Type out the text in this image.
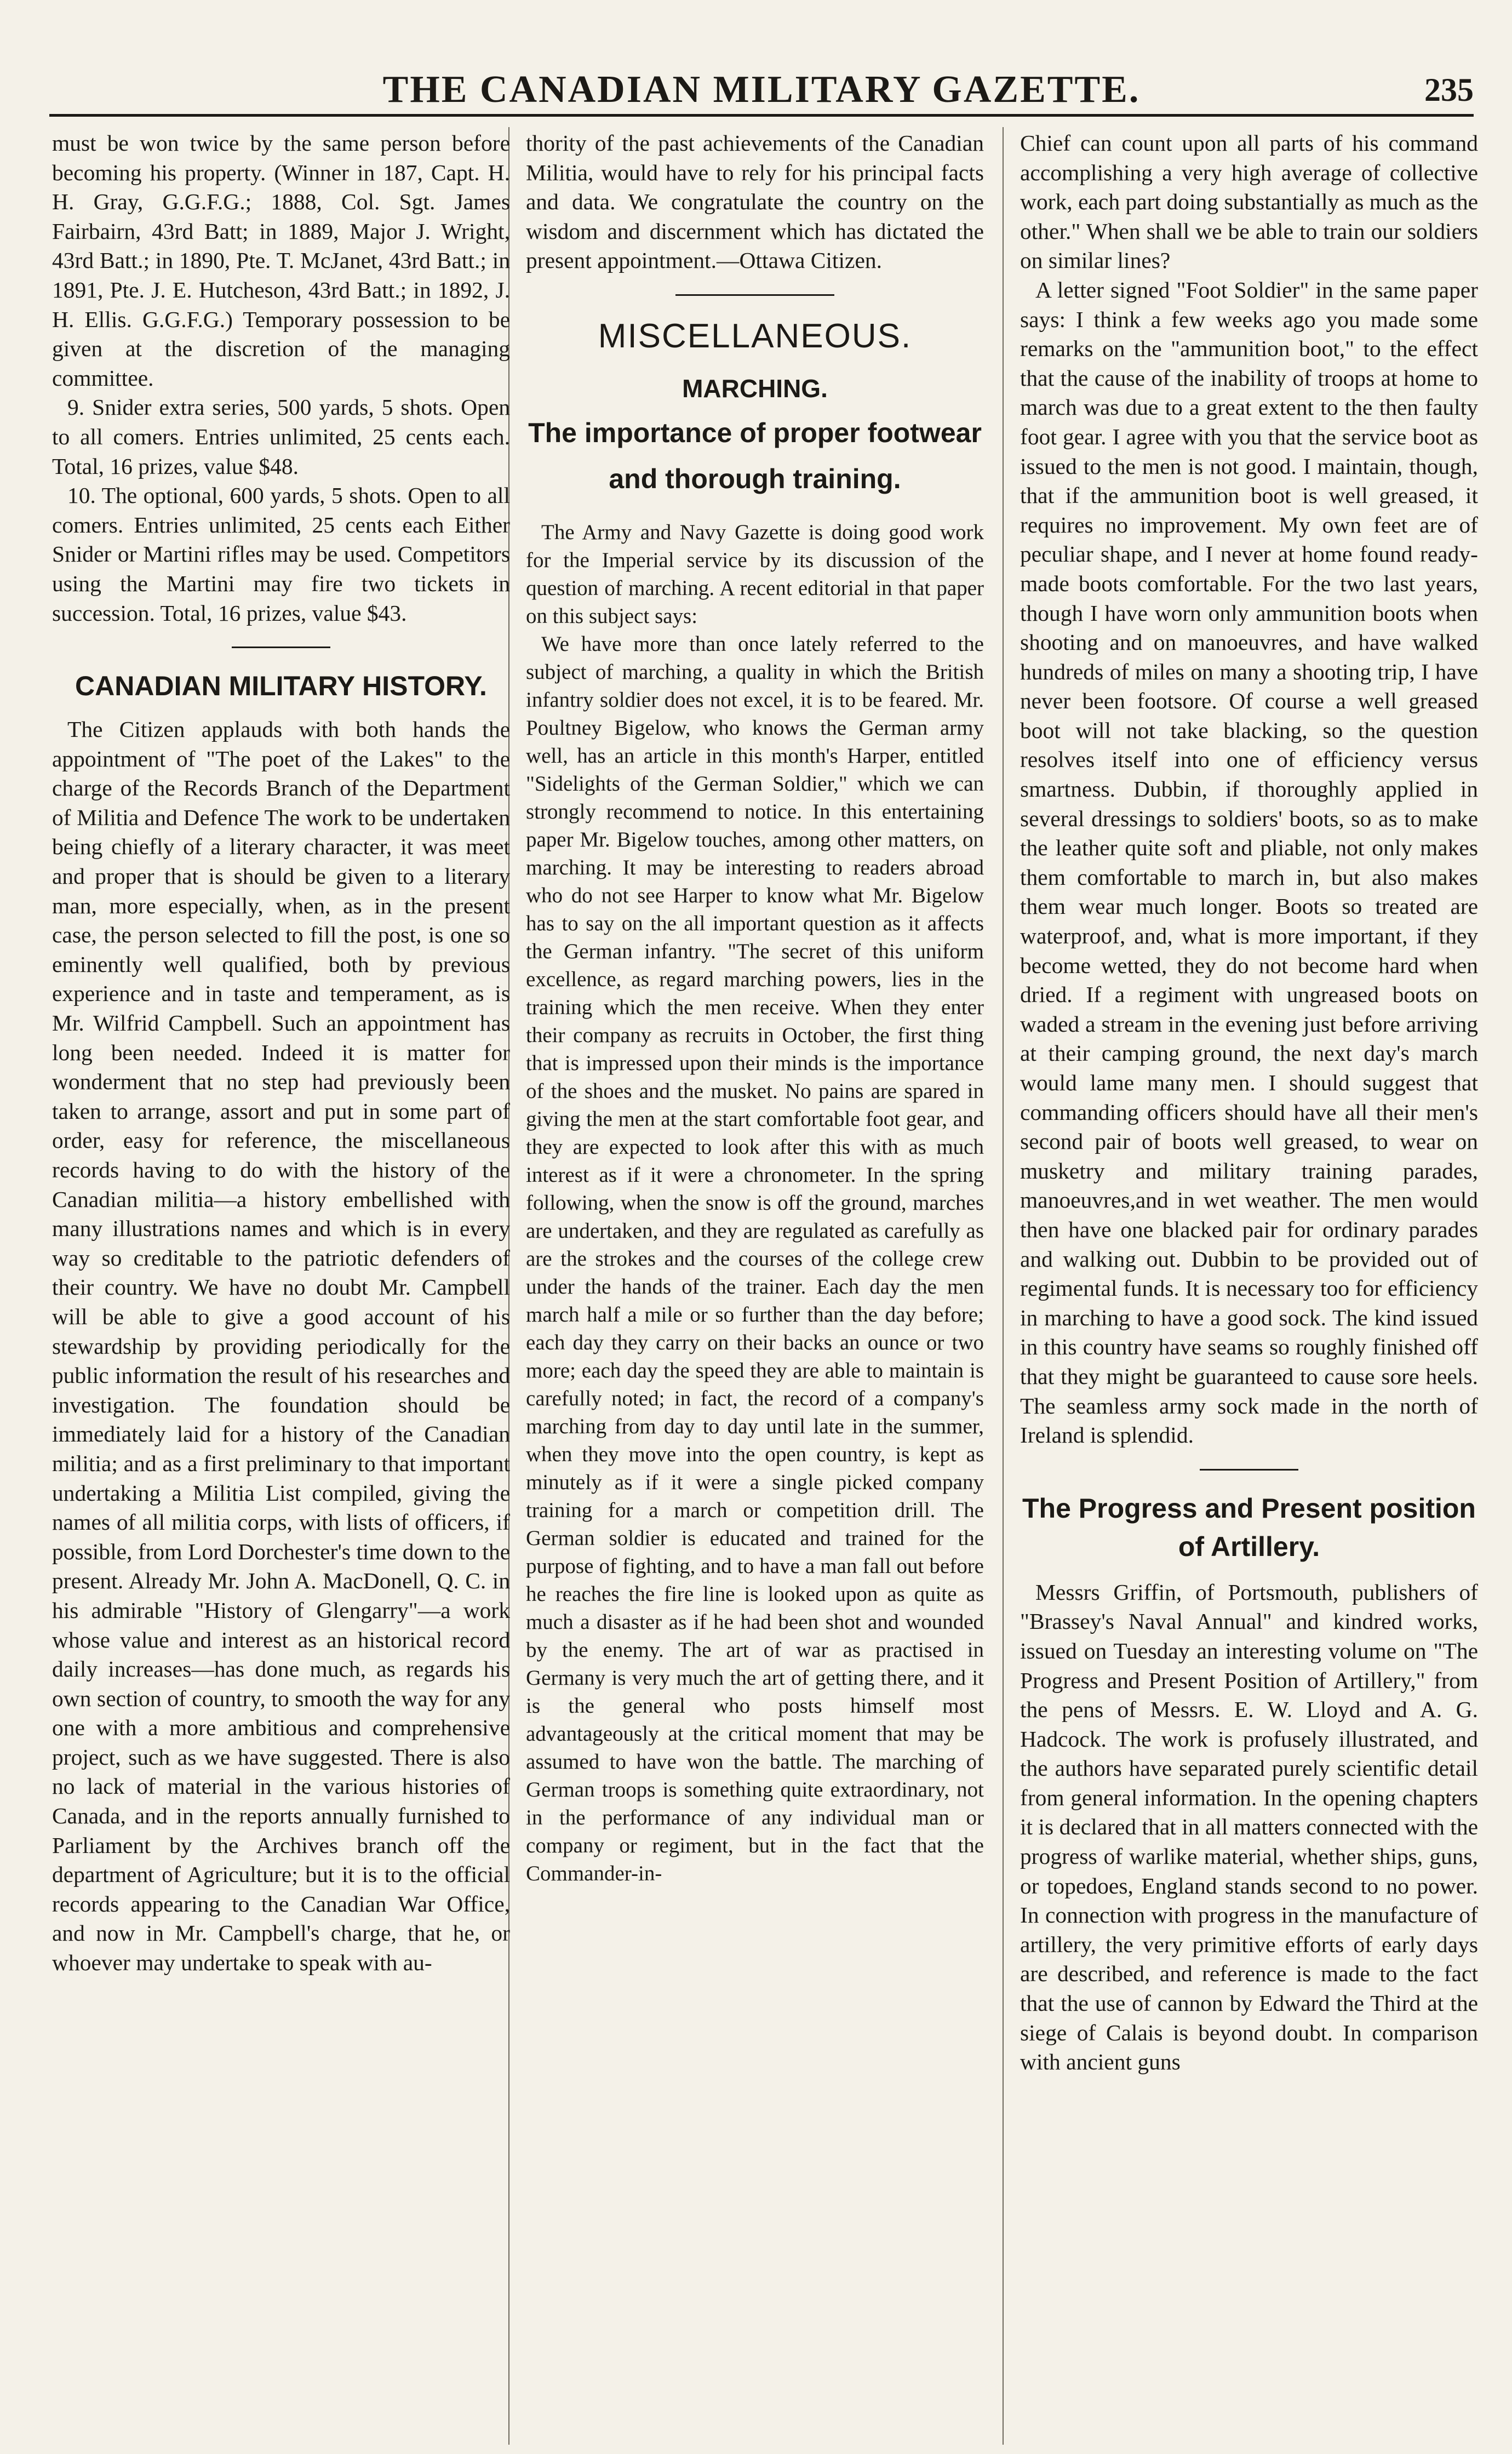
THE CANADIAN MILITARY GAZETTE.	235

must be won twice by the same person before becoming his property. (Winner in 187, Capt. H. H. Gray, G.G.F.G.; 1888, Col. Sgt. James Fairbairn, 43rd Batt; in 1889, Major J. Wright, 43rd Batt.; in 1890, Pte. T. McJanet, 43rd Batt.; in 1891, Pte. J. E. Hutcheson, 43rd Batt.; in 1892, J. H. Ellis. G.G.F.G.) Temporary possession to be given at the discretion of the managing committee.

9. Snider extra series, 500 yards, 5 shots. Open to all comers. Entries unlimited, 25 cents each. Total, 16 prizes, value $48.

10. The optional, 600 yards, 5 shots. Open to all comers. Entries unlimited, 25 cents each Either Snider or Martini rifles may be used. Competitors using the Martini may fire two tickets in succession. Total, 16 prizes, value $43.

CANADIAN MILITARY HISTORY.

The Citizen applauds with both hands the appointment of "The poet of the Lakes" to the charge of the Records Branch of the Department of Militia and Defence The work to be undertaken being chiefly of a literary character, it was meet and proper that is should be given to a literary man, more especially, when, as in the present case, the person selected to fill the post, is one so eminently well qualified, both by previous experience and in taste and temperament, as is Mr. Wilfrid Campbell. Such an appointment has long been needed. Indeed it is matter for wonderment that no step had previously been taken to arrange, assort and put in some part of order, easy for reference, the miscellaneous records having to do with the history of the Canadian militia—a history embellished with many illustrations names and which is in every way so creditable to the patriotic defenders of their country. We have no doubt Mr. Campbell will be able to give a good account of his stewardship by providing periodically for the public information the result of his researches and investigation. The foundation should be immediately laid for a history of the Canadian militia; and as a first preliminary to that important undertaking a Militia List compiled, giving the names of all militia corps, with lists of officers, if possible, from Lord Dorchester's time down to the present. Already Mr. John A. MacDonell, Q. C. in his admirable "History of Glengarry"—a work whose value and interest as an historical record daily increases—has done much, as regards his own section of country, to smooth the way for any one with a more ambitious and comprehensive project, such as we have suggested. There is also no lack of material in the various histories of Canada, and in the reports annually furnished to Parliament by the Archives branch off the department of Agriculture; but it is to the official records appearing to the Canadian War Office, and now in Mr. Campbell's charge, that he, or whoever may undertake to speak with au-

thority of the past achievements of the Canadian Militia, would have to rely for his principal facts and data. We congratulate the country on the wisdom and discernment which has dictated the present appointment.—Ottawa Citizen.

MISCELLANEOUS.
MARCHING.
The importance of proper footwear and thorough training.

The Army and Navy Gazette is doing good work for the Imperial service by its discussion of the question of marching. A recent editorial in that paper on this subject says:

We have more than once lately referred to the subject of marching, a quality in which the British infantry soldier does not excel, it is to be feared. Mr. Poultney Bigelow, who knows the German army well, has an article in this month's Harper, entitled "Sidelights of the German Soldier," which we can strongly recommend to notice. In this entertaining paper Mr. Bigelow touches, among other matters, on marching. It may be interesting to readers abroad who do not see Harper to know what Mr. Bigelow has to say on the all important question as it affects the German infantry. "The secret of this uniform excellence, as regard marching powers, lies in the training which the men receive. When they enter their company as recruits in October, the first thing that is impressed upon their minds is the importance of the shoes and the musket. No pains are spared in giving the men at the start comfortable foot gear, and they are expected to look after this with as much interest as if it were a chronometer. In the spring following, when the snow is off the ground, marches are undertaken, and they are regulated as carefully as are the strokes and the courses of the college crew under the hands of the trainer. Each day the men march half a mile or so further than the day before; each day they carry on their backs an ounce or two more; each day the speed they are able to maintain is carefully noted; in fact, the record of a company's marching from day to day until late in the summer, when they move into the open country, is kept as minutely as if it were a single picked company training for a march or competition drill. The German soldier is educated and trained for the purpose of fighting, and to have a man fall out before he reaches the fire line is looked upon as quite as much a disaster as if he had been shot and wounded by the enemy. The art of war as practised in Germany is very much the art of getting there, and it is the general who posts himself most advantageously at the critical moment that may be assumed to have won the battle. The marching of German troops is something quite extraordinary, not in the performance of any individual man or company or regiment, but in the fact that the Commander-in-

Chief can count upon all parts of his command accomplishing a very high average of collective work, each part doing substantially as much as the other." When shall we be able to train our soldiers on similar lines?

A letter signed "Foot Soldier" in the same paper says: I think a few weeks ago you made some remarks on the "ammunition boot," to the effect that the cause of the inability of troops at home to march was due to a great extent to the then faulty foot gear. I agree with you that the service boot as issued to the men is not good. I maintain, though, that if the ammunition boot is well greased, it requires no improvement. My own feet are of peculiar shape, and I never at home found ready-made boots comfortable. For the two last years, though I have worn only ammunition boots when shooting and on manoeuvres, and have walked hundreds of miles on many a shooting trip, I have never been footsore. Of course a well greased boot will not take blacking, so the question resolves itself into one of efficiency versus smartness. Dubbin, if thoroughly applied in several dressings to soldiers' boots, so as to make the leather quite soft and pliable, not only makes them comfortable to march in, but also makes them wear much longer. Boots so treated are waterproof, and, what is more important, if they become wetted, they do not become hard when dried. If a regiment with ungreased boots on waded a stream in the evening just before arriving at their camping ground, the next day's march would lame many men. I should suggest that commanding officers should have all their men's second pair of boots well greased, to wear on musketry and military training parades, manoeuvres,and in wet weather. The men would then have one blacked pair for ordinary parades and walking out. Dubbin to be provided out of regimental funds. It is necessary too for efficiency in marching to have a good sock. The kind issued in this country have seams so roughly finished off that they might be guaranteed to cause sore heels. The seamless army sock made in the north of Ireland is splendid.

The Progress and Present position of Artillery.

Messrs Griffin, of Portsmouth, publishers of "Brassey's Naval Annual" and kindred works, issued on Tuesday an interesting volume on "The Progress and Present Position of Artillery," from the pens of Messrs. E. W. Lloyd and A. G. Hadcock. The work is profusely illustrated, and the authors have separated purely scientific detail from general information. In the opening chapters it is declared that in all matters connected with the progress of warlike material, whether ships, guns, or topedoes, England stands second to no power. In connection with progress in the manufacture of artillery, the very primitive efforts of early days are described, and reference is made to the fact that the use of cannon by Edward the Third at the siege of Calais is beyond doubt. In comparison with ancient guns
